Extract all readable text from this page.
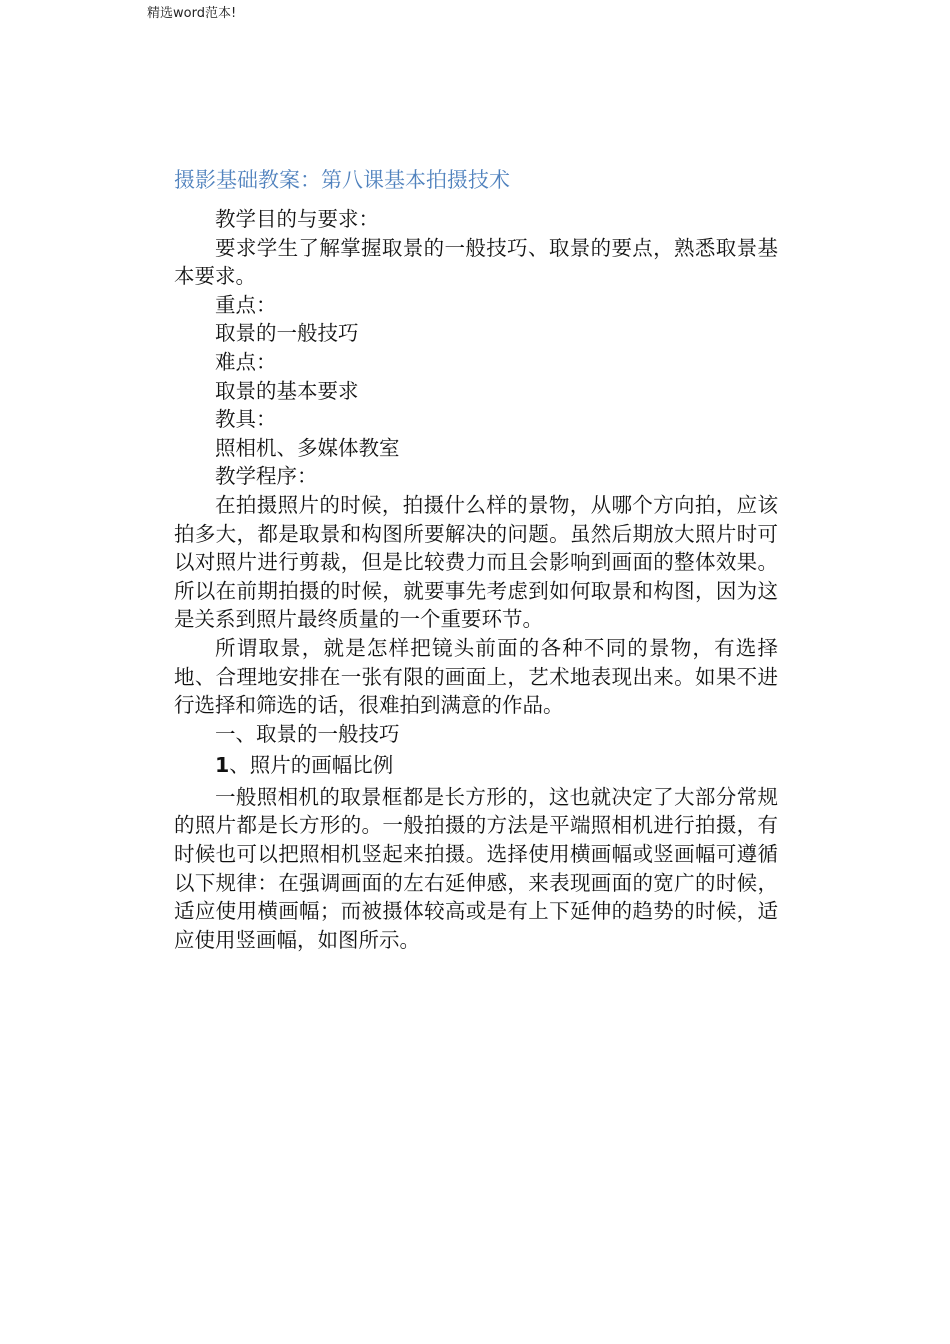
精选word范本!
摄影基础教案：第八课基本拍摄技术

教学目的与要求：

要求学生了解掌握取景的一般技巧、取景的要点，熟悉取景基本要求。

重点：

取景的一般技巧

难点：

取景的基本要求

教具：

照相机、多媒体教室

教学程序：

在拍摄照片的时候，拍摄什么样的景物，从哪个方向拍，应该拍多大，都是取景和构图所要解决的问题。虽然后期放大照片时可以对照片进行剪裁，但是比较费力而且会影响到画面的整体效果。所以在前期拍摄的时候，就要事先考虑到如何取景和构图，因为这是关系到照片最终质量的一个重要环节。

所谓取景，就是怎样把镜头前面的各种不同的景物，有选择地、合理地安排在一张有限的画面上，艺术地表现出来。如果不进行选择和筛选的话，很难拍到满意的作品。

一、取景的一般技巧

1、照片的画幅比例

一般照相机的取景框都是长方形的，这也就决定了大部分常规的照片都是长方形的。一般拍摄的方法是平端照相机进行拍摄，有时候也可以把照相机竖起来拍摄。选择使用横画幅或竖画幅可遵循以下规律：在强调画面的左右延伸感，来表现画面的宽广的时候，适应使用横画幅；而被摄体较高或是有上下延伸的趋势的时候，适应使用竖画幅，如图所示。
